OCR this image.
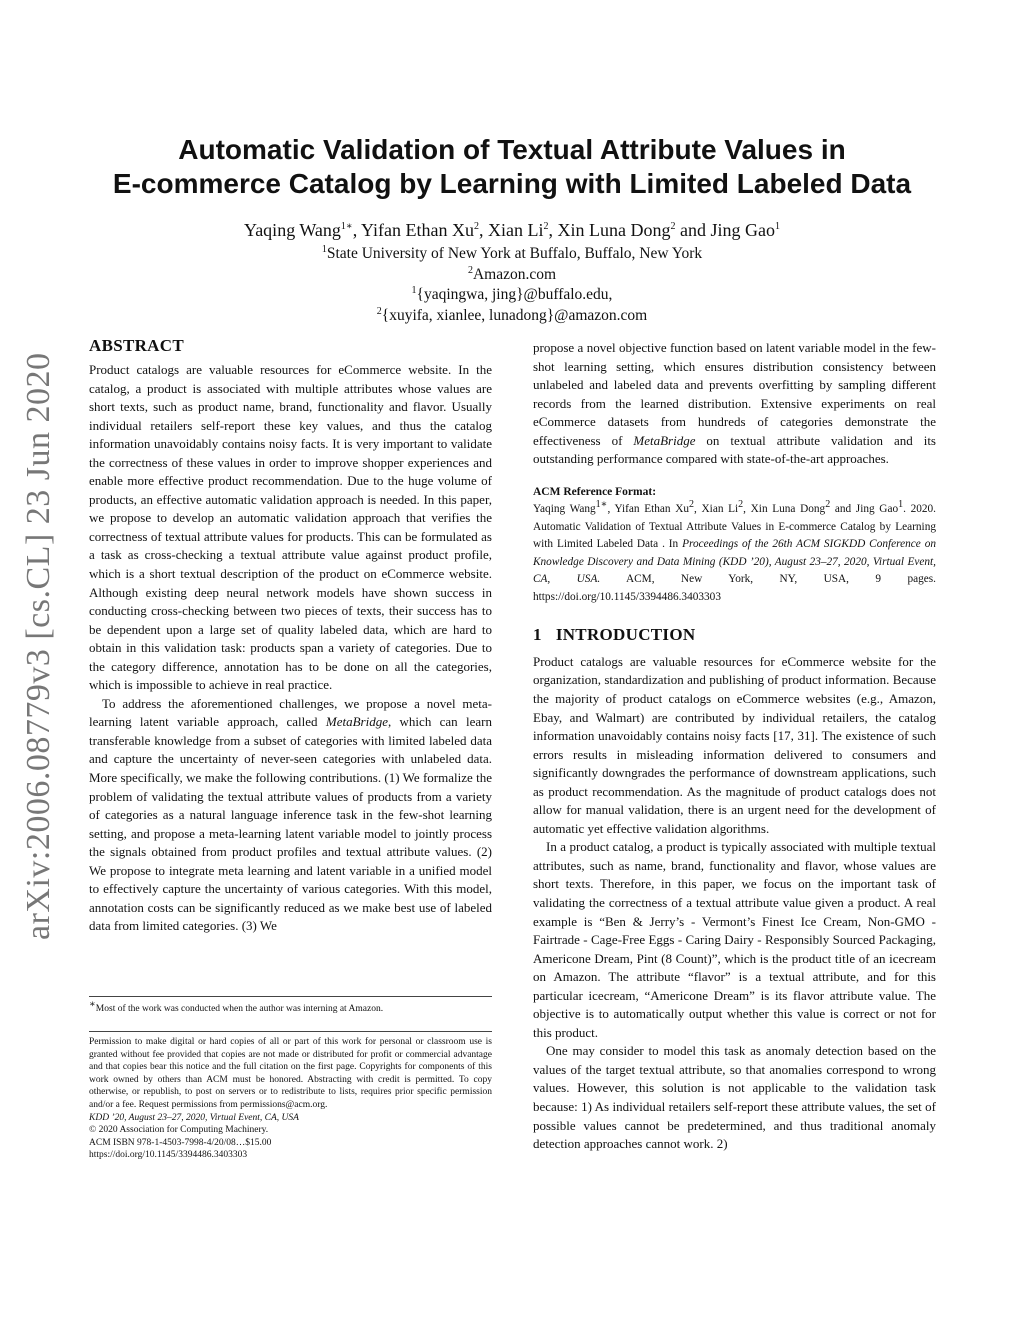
arXiv:2006.08779v3 [cs.CL] 23 Jun 2020
Automatic Validation of Textual Attribute Values in
E-commerce Catalog by Learning with Limited Labeled Data
Yaqing Wang$^{1∗}$, Yifan Ethan Xu$^2$, Xian Li$^2$, Xin Luna Dong$^2$ and Jing Gao$^1$
$^1$State University of New York at Buffalo, Buffalo, New York
$^2$Amazon.com
$^1${yaqingwa, jing}@buffalo.edu,
$^2${xuyifa, xianlee, lunadong}@amazon.com
ABSTRACT

Product catalogs are valuable resources for eCommerce website. In the catalog, a product is associated with multiple attributes whose values are short texts, such as product name, brand, functionality and flavor. Usually individual retailers self-report these key values, and thus the catalog information unavoidably contains noisy facts. It is very important to validate the correctness of these values in order to improve shopper experiences and enable more effective product recommendation. Due to the huge volume of products, an effective automatic validation approach is needed. In this paper, we propose to develop an automatic validation approach that verifies the correctness of textual attribute values for products. This can be formulated as a task as cross-checking a textual attribute value against product profile, which is a short textual description of the product on eCommerce website. Although existing deep neural network models have shown success in conducting cross-checking between two pieces of texts, their success has to be dependent upon a large set of quality labeled data, which are hard to obtain in this validation task: products span a variety of categories. Due to the category difference, annotation has to be done on all the categories, which is impossible to achieve in real practice.

To address the aforementioned challenges, we propose a novel meta-learning latent variable approach, called MetaBridge, which can learn transferable knowledge from a subset of categories with limited labeled data and capture the uncertainty of never-seen categories with unlabeled data. More specifically, we make the following contributions. (1) We formalize the problem of validating the textual attribute values of products from a variety of categories as a natural language inference task in the few-shot learning setting, and propose a meta-learning latent variable model to jointly process the signals obtained from product profiles and textual attribute values. (2) We propose to integrate meta learning and latent variable in a unified model to effectively capture the uncertainty of various categories. With this model, annotation costs can be significantly reduced as we make best use of labeled data from limited categories. (3) We

∗Most of the work was conducted when the author was interning at Amazon.
Permission to make digital or hard copies of all or part of this work for personal or classroom use is granted without fee provided that copies are not made or distributed for profit or commercial advantage and that copies bear this notice and the full citation on the first page. Copyrights for components of this work owned by others than ACM must be honored. Abstracting with credit is permitted. To copy otherwise, or republish, to post on servers or to redistribute to lists, requires prior specific permission and/or a fee. Request permissions from permissions@acm.org.
KDD ’20, August 23–27, 2020, Virtual Event, CA, USA
© 2020 Association for Computing Machinery.
ACM ISBN 978-1-4503-7998-4/20/08…$15.00
https://doi.org/10.1145/3394486.3403303

propose a novel objective function based on latent variable model in the few-shot learning setting, which ensures distribution consistency between unlabeled and labeled data and prevents overfitting by sampling different records from the learned distribution. Extensive experiments on real eCommerce datasets from hundreds of categories demonstrate the effectiveness of MetaBridge on textual attribute validation and its outstanding performance compared with state-of-the-art approaches.

ACM Reference Format:
Yaqing Wang$^{1∗}$, Yifan Ethan Xu$^2$, Xian Li$^2$, Xin Luna Dong$^2$ and Jing Gao$^1$. 2020. Automatic Validation of Textual Attribute Values in E-commerce Catalog by Learning with Limited Labeled Data . In Proceedings of the 26th ACM SIGKDD Conference on Knowledge Discovery and Data Mining (KDD ’20), August 23–27, 2020, Virtual Event, CA, USA. ACM, New York, NY, USA, 9 pages. https://doi.org/10.1145/3394486.3403303
1 INTRODUCTION

Product catalogs are valuable resources for eCommerce website for the organization, standardization and publishing of product information. Because the majority of product catalogs on eCommerce websites (e.g., Amazon, Ebay, and Walmart) are contributed by individual retailers, the catalog information unavoidably contains noisy facts [17, 31]. The existence of such errors results in misleading information delivered to consumers and significantly downgrades the performance of downstream applications, such as product recommendation. As the magnitude of product catalogs does not allow for manual validation, there is an urgent need for the development of automatic yet effective validation algorithms.

In a product catalog, a product is typically associated with multiple textual attributes, such as name, brand, functionality and flavor, whose values are short texts. Therefore, in this paper, we focus on the important task of validating the correctness of a textual attribute value given a product. A real example is “Ben & Jerry’s - Vermont’s Finest Ice Cream, Non-GMO - Fairtrade - Cage-Free Eggs - Caring Dairy - Responsibly Sourced Packaging, Americone Dream, Pint (8 Count)”, which is the product title of an icecream on Amazon. The attribute “flavor” is a textual attribute, and for this particular icecream, “Americone Dream” is its flavor attribute value. The objective is to automatically output whether this value is correct or not for this product.

One may consider to model this task as anomaly detection based on the values of the target textual attribute, so that anomalies correspond to wrong values. However, this solution is not applicable to the validation task because: 1) As individual retailers self-report these attribute values, the set of possible values cannot be predetermined, and thus traditional anomaly detection approaches cannot work. 2)
